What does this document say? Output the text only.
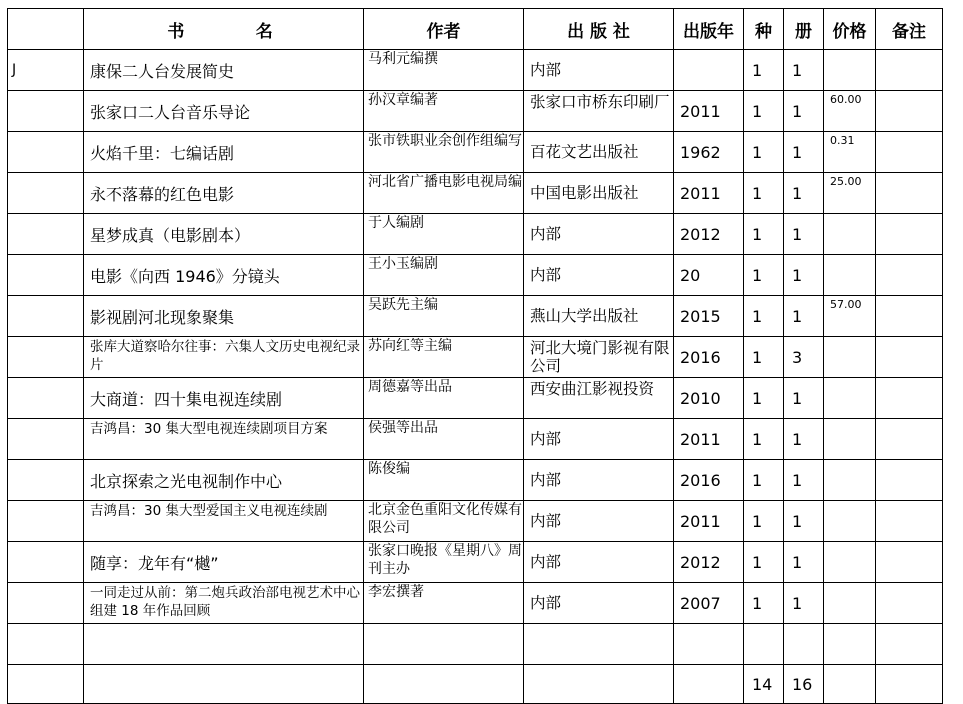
	书　名	作者	出 版 社	出版年	种	册	价格	备注
J	康保二人台发展简史	马利元编撰	内部		1	1		
	张家口二人台音乐导论	孙汉章编著	张家口市桥东印刷厂	2011	1	1	60.00	
	火焰千里：七编话剧	张市铁职业余创作组编写	百花文艺出版社	1962	1	1	0.31	
	永不落幕的红色电影	河北省广播电影电视局编	中国电影出版社	2011	1	1	25.00	
	星梦成真（电影剧本）	于人编剧	内部	2012	1	1		
	电影《向西 1946》分镜头	王小玉编剧	内部	20	1	1		
	影视剧河北现象聚集	吴跃先主编	燕山大学出版社	2015	1	1	57.00	
	张库大道察哈尔往事：六集人文历史电视纪录片	苏向红等主编	河北大境门影视有限公司	2016	1	3		
	大商道：四十集电视连续剧	周德嘉等出品	西安曲江影视投资	2010	1	1		
	吉鸿昌：30 集大型电视连续剧项目方案	侯强等出品	内部	2011	1	1		
	北京探索之光电视制作中心	陈俊编	内部	2016	1	1		
	吉鸿昌：30 集大型爱国主义电视连续剧	北京金色重阳文化传媒有限公司	内部	2011	1	1		
	随享：龙年有“樾”	张家口晚报《星期八》周刊主办	内部	2012	1	1		
	一同走过从前：第二炮兵政治部电视艺术中心组建 18 年作品回顾	李宏撰著	内部	2007	1	1		

					14	16		
